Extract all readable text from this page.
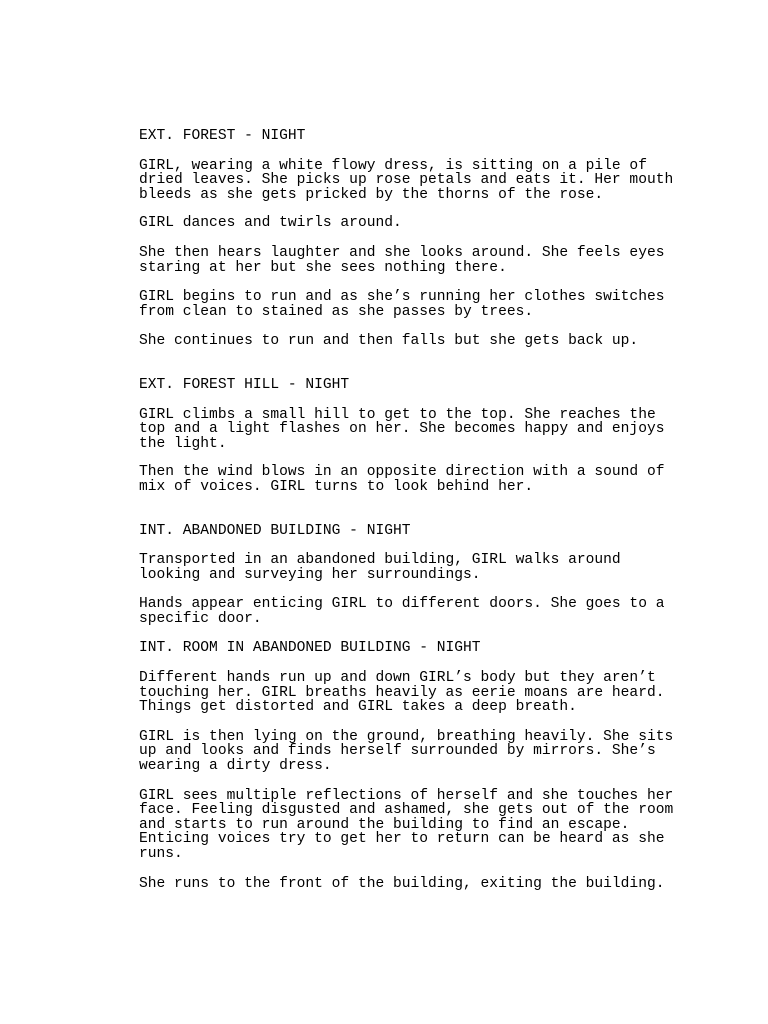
EXT. FOREST - NIGHT

GIRL, wearing a white flowy dress, is sitting on a pile of dried leaves. She picks up rose petals and eats it. Her mouth bleeds as she gets pricked by the thorns of the rose.

GIRL dances and twirls around.

She then hears laughter and she looks around. She feels eyes staring at her but she sees nothing there.

GIRL begins to run and as she’s running her clothes switches from clean to stained as she passes by trees.

She continues to run and then falls but she gets back up.

EXT. FOREST HILL - NIGHT

GIRL climbs a small hill to get to the top. She reaches the top and a light flashes on her. She becomes happy and enjoys the light.

Then the wind blows in an opposite direction with a sound of mix of voices. GIRL turns to look behind her.

INT. ABANDONED BUILDING - NIGHT

Transported in an abandoned building, GIRL walks around looking and surveying her surroundings.

Hands appear enticing GIRL to different doors. She goes to a specific door.

INT. ROOM IN ABANDONED BUILDING - NIGHT

Different hands run up and down GIRL’s body but they aren’t touching her. GIRL breaths heavily as eerie moans are heard. Things get distorted and GIRL takes a deep breath.

GIRL is then lying on the ground, breathing heavily. She sits up and looks and finds herself surrounded by mirrors. She’s wearing a dirty dress.

GIRL sees multiple reflections of herself and she touches her face. Feeling disgusted and ashamed, she gets out of the room and starts to run around the building to find an escape. Enticing voices try to get her to return can be heard as she runs.

She runs to the front of the building, exiting the building.
